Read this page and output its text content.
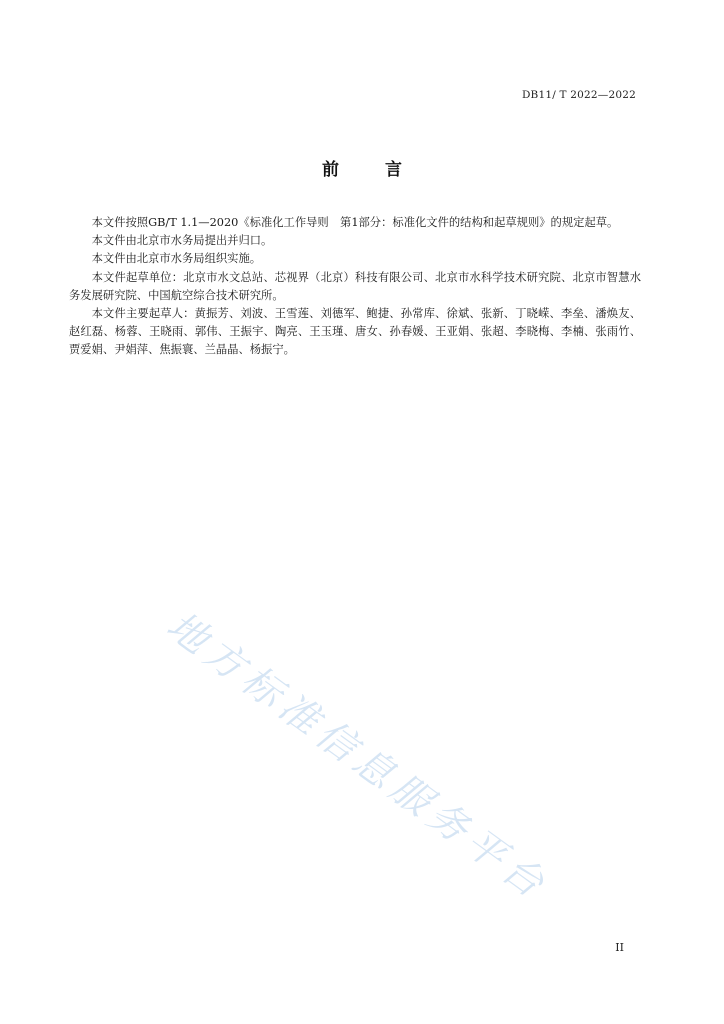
DB11/ T 2022—2022
前 言

本文件按照GB/T 1.1—2020《标准化工作导则　第1部分：标准化文件的结构和起草规则》的规定起草。

本文件由北京市水务局提出并归口。

本文件由北京市水务局组织实施。

本文件起草单位：北京市水文总站、芯视界（北京）科技有限公司、北京市水科学技术研究院、北京市智慧水务发展研究院、中国航空综合技术研究所。

本文件主要起草人：黄振芳、刘波、王雪莲、刘德军、鲍捷、孙常库、徐斌、张新、丁晓嵘、李垒、潘焕友、赵红磊、杨蓉、王晓雨、郭伟、王振宇、陶亮、王玉瑾、唐女、孙春媛、王亚娟、张超、李晓梅、李楠、张雨竹、贾爱娟、尹娟萍、焦振寰、兰晶晶、杨振宁。

地方标准信息服务平台
II
